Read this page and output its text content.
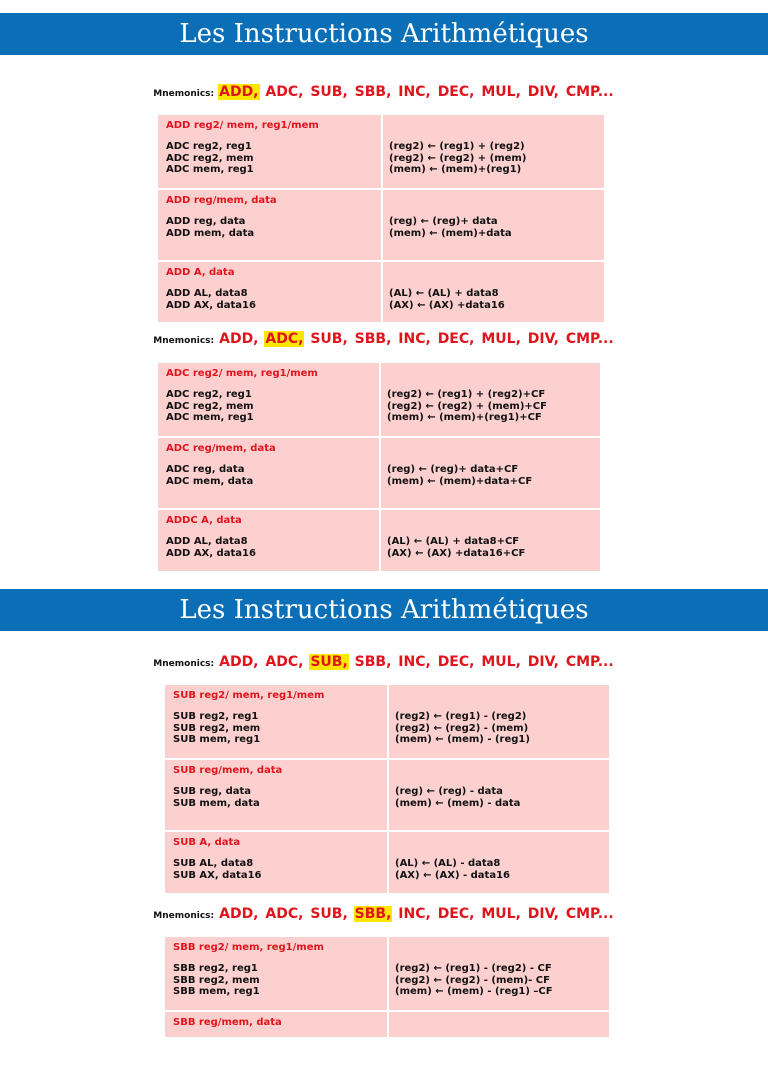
Les Instructions Arithmétiques
Mnemonics: ADD, ADC, SUB, SBB, INC, DEC, MUL, DIV, CMP...
ADD reg2/ mem, reg1/mem
ADC reg2, reg1
ADC reg2, mem
ADC mem, reg1
(reg2) ← (reg1) + (reg2)
(reg2) ← (reg2) + (mem)
(mem) ← (mem)+(reg1)
ADD reg/mem, data
ADD reg, data
ADD mem, data
(reg) ← (reg)+ data
(mem) ← (mem)+data
ADD A, data
ADD AL, data8
ADD AX, data16
(AL) ← (AL) + data8
(AX) ← (AX) +data16
Mnemonics: ADD, ADC, SUB, SBB, INC, DEC, MUL, DIV, CMP...
ADC reg2/ mem, reg1/mem
ADC reg2, reg1
ADC reg2, mem
ADC mem, reg1
(reg2) ← (reg1) + (reg2)+CF
(reg2) ← (reg2) + (mem)+CF
(mem) ← (mem)+(reg1)+CF
ADC reg/mem, data
ADC reg, data
ADC mem, data
(reg) ← (reg)+ data+CF
(mem) ← (mem)+data+CF
ADDC A, data
ADD AL, data8
ADD AX, data16
(AL) ← (AL) + data8+CF
(AX) ← (AX) +data16+CF
Les Instructions Arithmétiques
Mnemonics: ADD, ADC, SUB, SBB, INC, DEC, MUL, DIV, CMP...
SUB reg2/ mem, reg1/mem
SUB reg2, reg1
SUB reg2, mem
SUB mem, reg1
(reg2) ← (reg1) - (reg2)
(reg2) ← (reg2) - (mem)
(mem) ← (mem) - (reg1)
SUB reg/mem, data
SUB reg, data
SUB mem, data
(reg) ← (reg) - data
(mem) ← (mem) - data
SUB A, data
SUB AL, data8
SUB AX, data16
(AL) ← (AL) - data8
(AX) ← (AX) - data16
Mnemonics: ADD, ADC, SUB, SBB, INC, DEC, MUL, DIV, CMP...
SBB reg2/ mem, reg1/mem
SBB reg2, reg1
SBB reg2, mem
SBB mem, reg1
(reg2) ← (reg1) - (reg2) - CF
(reg2) ← (reg2) - (mem)- CF
(mem) ← (mem) - (reg1) –CF
SBB reg/mem, data
